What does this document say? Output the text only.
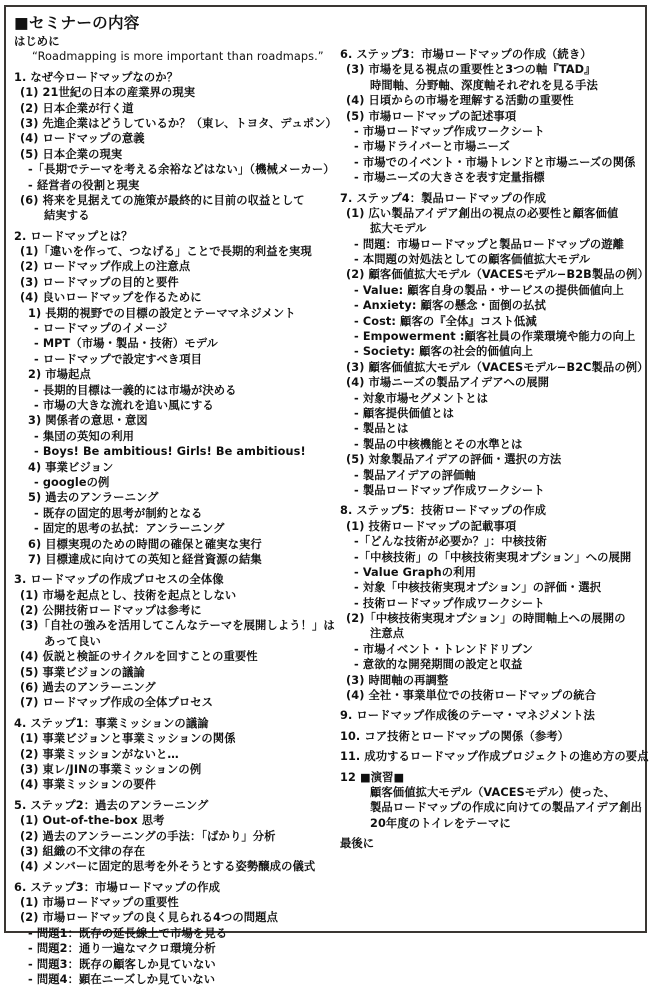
■セミナーの内容
はじめに
“Roadmapping is more important than roadmaps.”
1. なぜ今ロードマップなのか？
(1) 21世紀の日本の産業界の現実
(2) 日本企業が行く道
(3) 先進企業はどうしているか？（東レ、トヨタ、デュポン）
(4) ロードマップの意義
(5) 日本企業の現実
-「長期でテーマを考える余裕などはない」（機械メーカー）
- 経営者の役割と現実
(6) 将来を見据えての施策が最終的に目前の収益として
結実する
2. ロードマップとは？
(1)「違いを作って、つなげる」ことで長期的利益を実現
(2) ロードマップ作成上の注意点
(3) ロードマップの目的と要件
(4) 良いロードマップを作るために
1) 長期的視野での目標の設定とテーママネジメント
- ロードマップのイメージ
- MPT（市場・製品・技術）モデル
- ロードマップで設定すべき項目
2) 市場起点
- 長期的目標は一義的には市場が決める
- 市場の大きな流れを追い風にする
3) 関係者の意思・意図
- 集団の英知の利用
- Boys! Be ambitious! Girls! Be ambitious!
4) 事業ビジョン
- googleの例
5) 過去のアンラーニング
- 既存の固定的思考が制約となる
- 固定的思考の払拭：アンラーニング
6) 目標実現のための時間の確保と確実な実行
7) 目標達成に向けての英知と経営資源の結集
3. ロードマップの作成プロセスの全体像
(1) 市場を起点とし、技術を起点としない
(2) 公開技術ロードマップは参考に
(3)「自社の強みを活用してこんなテーマを展開しよう！」は
あって良い
(4) 仮説と検証のサイクルを回すことの重要性
(5) 事業ビジョンの議論
(6) 過去のアンラーニング
(7) ロードマップ作成の全体プロセス
4. ステップ1：事業ミッションの議論
(1) 事業ビジョンと事業ミッションの関係
(2) 事業ミッションがないと…
(3) 東レ/JINの事業ミッションの例
(4) 事業ミッションの要件
5. ステップ2：過去のアンラーニング
(1) Out-of-the-box 思考
(2) 過去のアンラーニングの手法：「ばかり」分析
(3) 組織の不文律の存在
(4) メンバーに固定的思考を外そうとする姿勢醸成の儀式
6. ステップ3：市場ロードマップの作成
(1) 市場ロードマップの重要性
(2) 市場ロードマップの良く見られる4つの問題点
- 問題1：既存の延長線上で市場を見る
- 問題2：通り一遍なマクロ環境分析
- 問題3：既存の顧客しか見ていない
- 問題4：顕在ニーズしか見ていない
6. ステップ3：市場ロードマップの作成（続き）
(3) 市場を見る視点の重要性と3つの軸『TAD』
時間軸、分野軸、深度軸それぞれを見る手法
(4) 日頃からの市場を理解する活動の重要性
(5) 市場ロードマップの記述事項
- 市場ロードマップ作成ワークシート
- 市場ドライバーと市場ニーズ
- 市場でのイベント・市場トレンドと市場ニーズの関係
- 市場ニーズの大きさを表す定量指標
7. ステップ4：製品ロードマップの作成
(1) 広い製品アイデア創出の視点の必要性と顧客価値
拡大モデル
- 問題：市場ロードマップと製品ロードマップの遊離
- 本問題の対処法としての顧客価値拡大モデル
(2) 顧客価値拡大モデル（VACESモデル−B2B製品の例）
- Value: 顧客自身の製品・サービスの提供価値向上
- Anxiety: 顧客の懸念・面倒の払拭
- Cost: 顧客の『全体』コスト低減
- Empowerment :顧客社員の作業環境や能力の向上
- Society: 顧客の社会的価値向上
(3) 顧客価値拡大モデル（VACESモデル−B2C製品の例）
(4) 市場ニーズの製品アイデアへの展開
- 対象市場セグメントとは
- 顧客提供価値とは
- 製品とは
- 製品の中核機能とその水準とは
(5) 対象製品アイデアの評価・選択の方法
- 製品アイデアの評価軸
- 製品ロードマップ作成ワークシート
8. ステップ5：技術ロードマップの作成
(1) 技術ロードマップの記載事項
-「どんな技術が必要か？」：中核技術
-「中核技術」の「中核技術実現オプション」への展開
- Value Graphの利用
- 対象「中核技術実現オプション」の評価・選択
- 技術ロードマップ作成ワークシート
(2)「中核技術実現オプション」の時間軸上への展開の
注意点
- 市場イベント・トレンドドリブン
- 意欲的な開発期間の設定と収益
(3) 時間軸の再調整
(4) 全社・事業単位での技術ロードマップの統合
9. ロードマップ作成後のテーマ・マネジメント法
10. コア技術とロードマップの関係（参考）
11. 成功するロードマップ作成プロジェクトの進め方の要点
12 ■演習■
顧客価値拡大モデル（VACESモデル）使った、
製品ロードマップの作成に向けての製品アイデア創出
20年度のトイレをテーマに
最後に
